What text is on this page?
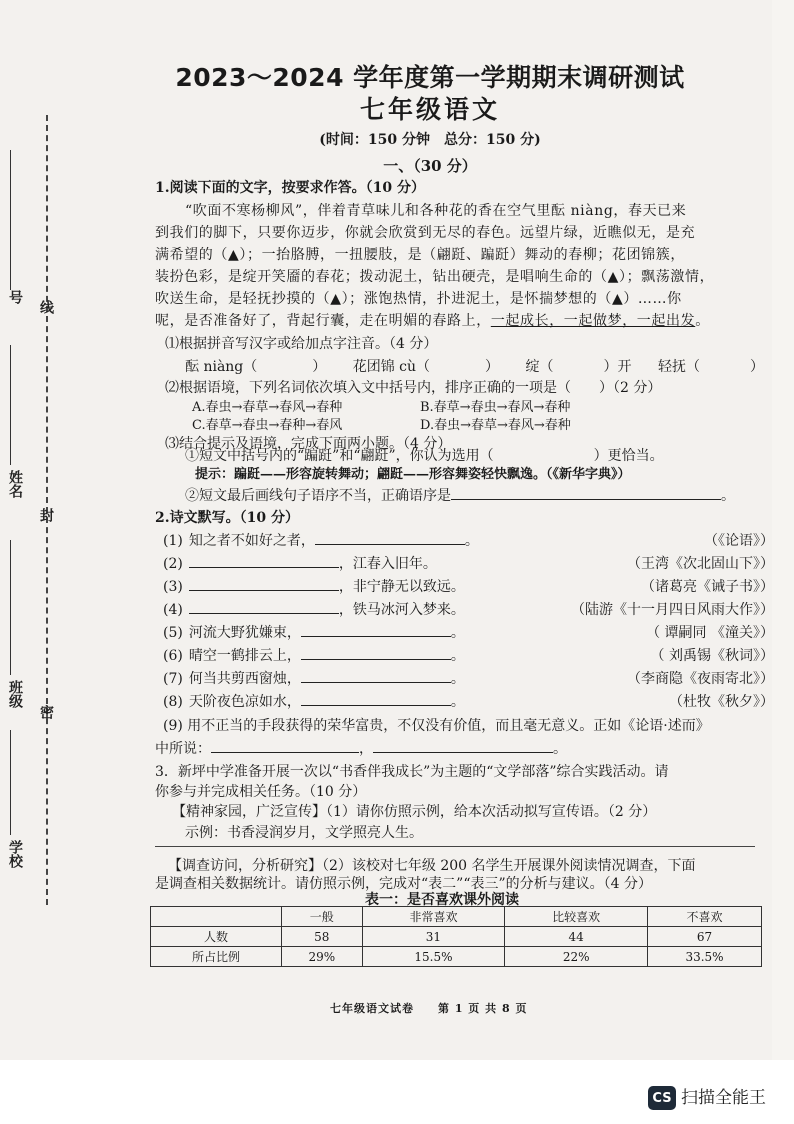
号
线
姓名
封
班级
密
学校
2023～2024 学年度第一学期期末调研测试
七年级语文
(时间：150 分钟　总分：150 分)
一、（30 分）
1.阅读下面的文字，按要求作答。（10 分）
“吹面不寒杨柳风”，伴着青草味儿和各种花的香在空气里酝 niàng，春天已来
到我们的脚下，只要你迈步，你就会欣赏到无尽的春色。远望片绿，近瞧似无，是充
满希望的（▲）；一抬胳膊，一扭腰肢，是（翩跹、蹁跹）舞动的春柳；花团锦簇，
装扮色彩，是绽开笑靥的春花；拨动泥土，钻出硬壳，是唱响生命的（▲）；飘荡激情，
吹送生命，是轻抚抄摸的（▲）；涨饱热情，扑进泥土，是怀揣梦想的（▲）……你
呢，是否准备好了，背起行囊，走在明媚的春路上，一起成长，一起做梦，一起出发。
⑴根据拼音写汉字或给加点字注音。（4 分）
酝 niàng（	） 花团锦 cù（	） 绽（	）开 轻抚（	）
⑵根据语境，下列名词依次填入文中括号内，排序正确的一项是（　　）（2 分）
A.春虫→春草→春风→春种	B.春草→春虫→春风→春种
C.春草→春虫→春种→春风	D.春虫→春草→春风→春种
⑶结合提示及语境，完成下面两小题。（4 分）
①短文中括号内的“蹁跹”和“翩跹”，你认为选用（	）更恰当。
提示：蹁跹——形容旋转舞动；翩跹——形容舞姿轻快飘逸。（《新华字典》）
②短文最后画线句子语序不当，正确语序是	。
2.诗文默写。（10 分）
(1) 知之者不如好之者，	。	（《论语》）
(2)	，江春入旧年。	（王湾《次北固山下》）
(3)	，非宁静无以致远。	（诸葛亮《诫子书》）
(4)	，铁马冰河入梦来。	（陆游《十一月四日风雨大作》）
(5) 河流大野犹嫌束，	。	（ 谭嗣同 《潼关》）
(6) 晴空一鹤排云上，	。	（ 刘禹锡《秋词》）
(7) 何当共剪西窗烛，	。	（李商隐《夜雨寄北》）
(8) 天阶夜色凉如水，	。	（杜牧《秋夕》）
(9) 用不正当的手段获得的荣华富贵，不仅没有价值，而且毫无意义。正如《论语·述而》
中所说：	，	。
3．新坪中学准备开展一次以“书香伴我成长”为主题的“文学部落”综合实践活动。请
你参与并完成相关任务。（10 分）
【精神家园，广泛宣传】（1）请你仿照示例，给本次活动拟写宣传语。（2 分）
示例：书香浸润岁月，文学照亮人生。
【调查访问，分析研究】（2）该校对七年级 200 名学生开展课外阅读情况调查，下面
是调查相关数据统计。请仿照示例，完成对“表二”“表三”的分析与建议。（4 分）
表一：是否喜欢课外阅读
	一般	非常喜欢	比较喜欢	不喜欢
人数	58	31	44	67
所占比例	29%	15.5%	22%	33.5%
七年级语文试卷　　第 1 页 共 8 页
CS 扫描全能王
